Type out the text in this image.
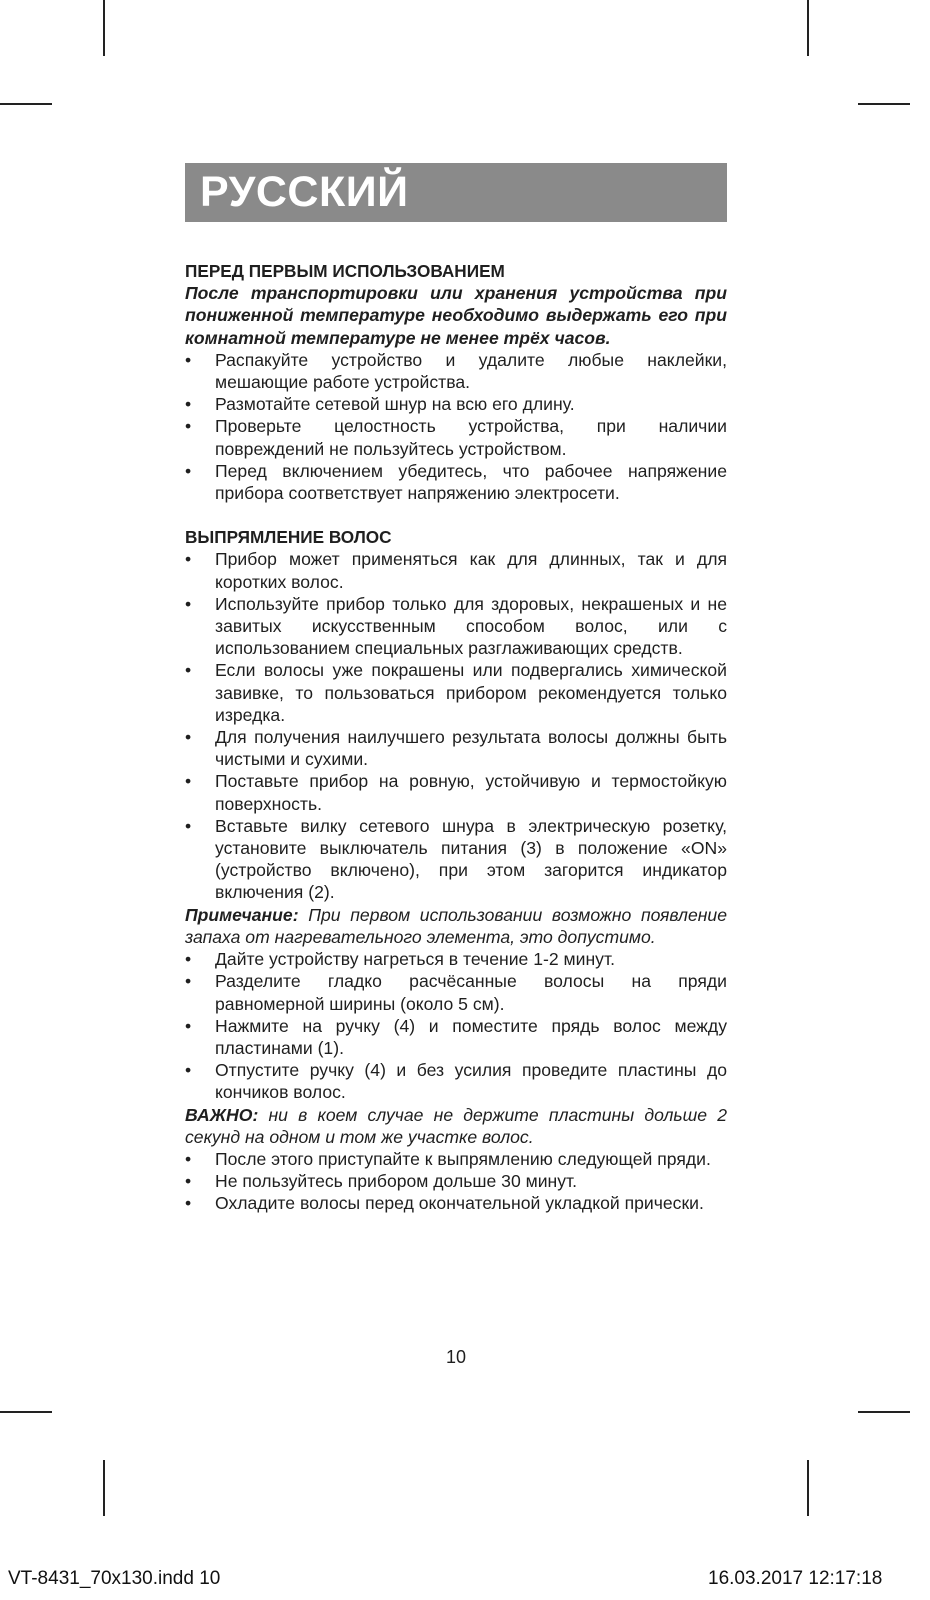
РУССКИЙ

ПЕРЕД ПЕРВЫМ ИСПОЛЬЗОВАНИЕМ

После транспортировки или хранения устройства при пониженной температуре необходимо выдержать его при комнатной температуре не менее трёх часов.

• Распакуйте устройство и удалите любые наклейки, мешающие работе устройства.
• Размотайте сетевой шнур на всю его длину.
• Проверьте целостность устройства, при наличии повреждений не пользуйтесь устройством.
• Перед включением убедитесь, что рабочее напряжение прибора соответствует напряжению электросети.

ВЫПРЯМЛЕНИЕ ВОЛОС

• Прибор может применяться как для длинных, так и для коротких волос.
• Используйте прибор только для здоровых, некрашеных и не завитых искусственным способом волос, или с использованием специальных разглаживающих средств.
• Если волосы уже покрашены или подвергались химической завивке, то пользоваться прибором рекомендуется только изредка.
• Для получения наилучшего результата волосы должны быть чистыми и сухими.
• Поставьте прибор на ровную, устойчивую и термостойкую поверхность.
• Вставьте вилку сетевого шнура в электрическую розетку, установите выключатель питания (3) в положение «ON» (устройство включено), при этом загорится индикатор включения (2).

Примечание: При первом использовании возможно появление запаха от нагревательного элемента, это допустимо.

• Дайте устройству нагреться в течение 1-2 минут.
• Разделите гладко расчёсанные волосы на пряди равномерной ширины (около 5 см).
• Нажмите на ручку (4) и поместите прядь волос между пластинами (1).
• Отпустите ручку (4) и без усилия проведите пластины до кончиков волос.

ВАЖНО: ни в коем случае не держите пластины дольше 2 секунд на одном и том же участке волос.

• После этого приступайте к выпрямлению следующей пряди.
• Не пользуйтесь прибором дольше 30 минут.
• Охладите волосы перед окончательной укладкой прически.
10
VT-8431_70x130.indd 10	16.03.2017 12:17:18
